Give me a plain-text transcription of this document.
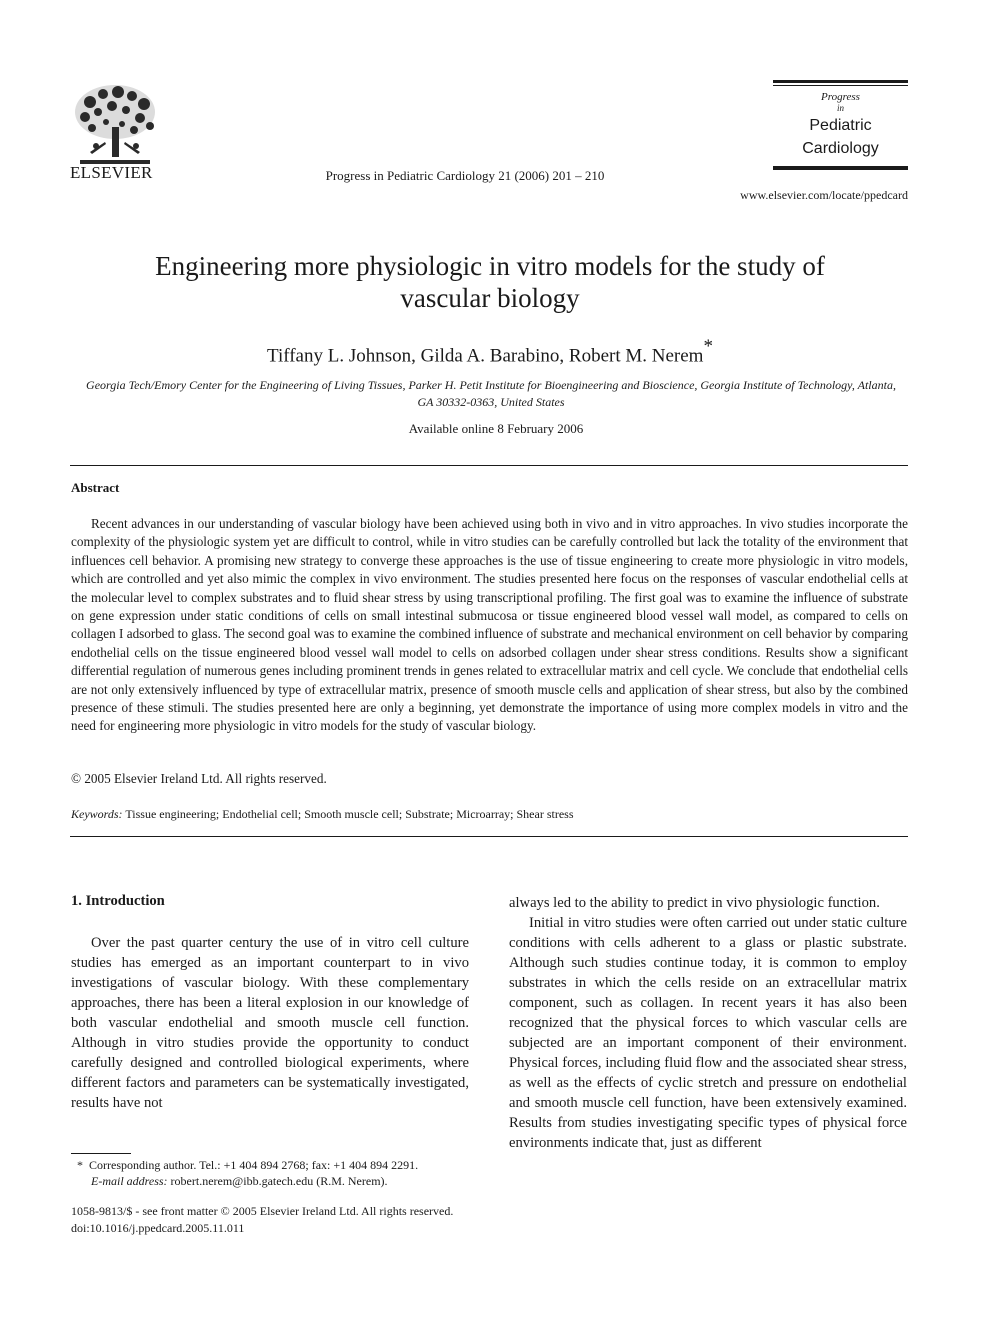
ELSEVIER	Progress in Pediatric Cardiology 21 (2006) 201 – 210
Progress
in
Pediatric
Cardiology
www.elsevier.com/locate/ppedcard
Engineering more physiologic in vitro models for the study of vascular biology
Tiffany L. Johnson, Gilda A. Barabino, Robert M. Nerem*
Georgia Tech/Emory Center for the Engineering of Living Tissues, Parker H. Petit Institute for Bioengineering and Bioscience, Georgia Institute of Technology, Atlanta, GA 30332-0363, United States
Available online 8 February 2006
Abstract
Recent advances in our understanding of vascular biology have been achieved using both in vivo and in vitro approaches. In vivo studies incorporate the complexity of the physiologic system yet are difficult to control, while in vitro studies can be carefully controlled but lack the totality of the environment that influences cell behavior. A promising new strategy to converge these approaches is the use of tissue engineering to create more physiologic in vitro models, which are controlled and yet also mimic the complex in vivo environment. The studies presented here focus on the responses of vascular endothelial cells at the molecular level to complex substrates and to fluid shear stress by using transcriptional profiling. The first goal was to examine the influence of substrate on gene expression under static conditions of cells on small intestinal submucosa or tissue engineered blood vessel wall model, as compared to cells on collagen I adsorbed to glass. The second goal was to examine the combined influence of substrate and mechanical environment on cell behavior by comparing endothelial cells on the tissue engineered blood vessel wall model to cells on adsorbed collagen under shear stress conditions. Results show a significant differential regulation of numerous genes including prominent trends in genes related to extracellular matrix and cell cycle. We conclude that endothelial cells are not only extensively influenced by type of extracellular matrix, presence of smooth muscle cells and application of shear stress, but also by the combined presence of these stimuli. The studies presented here are only a beginning, yet demonstrate the importance of using more complex models in vitro and the need for engineering more physiologic in vitro models for the study of vascular biology.
© 2005 Elsevier Ireland Ltd. All rights reserved.
Keywords: Tissue engineering; Endothelial cell; Smooth muscle cell; Substrate; Microarray; Shear stress
1. Introduction

Over the past quarter century the use of in vitro cell culture studies has emerged as an important counterpart to in vivo investigations of vascular biology. With these complementary approaches, there has been a literal explosion in our knowledge of both vascular endothelial and smooth muscle cell function. Although in vitro studies provide the opportunity to conduct carefully designed and controlled biological experiments, where different factors and parameters can be systematically investigated, results have not

always led to the ability to predict in vivo physiologic function.

Initial in vitro studies were often carried out under static culture conditions with cells adherent to a glass or plastic substrate. Although such studies continue today, it is common to employ substrates in which the cells reside on an extracellular matrix component, such as collagen. In recent years it has also been recognized that the physical forces to which vascular cells are subjected are an important component of their environment. Physical forces, including fluid flow and the associated shear stress, as well as the effects of cyclic stretch and pressure on endothelial and smooth muscle cell function, have been extensively examined. Results from studies investigating specific types of physical force environments indicate that, just as different

* Corresponding author. Tel.: +1 404 894 2768; fax: +1 404 894 2291.
E-mail address: robert.nerem@ibb.gatech.edu (R.M. Nerem).
1058-9813/$ - see front matter © 2005 Elsevier Ireland Ltd. All rights reserved.
doi:10.1016/j.ppedcard.2005.11.011
